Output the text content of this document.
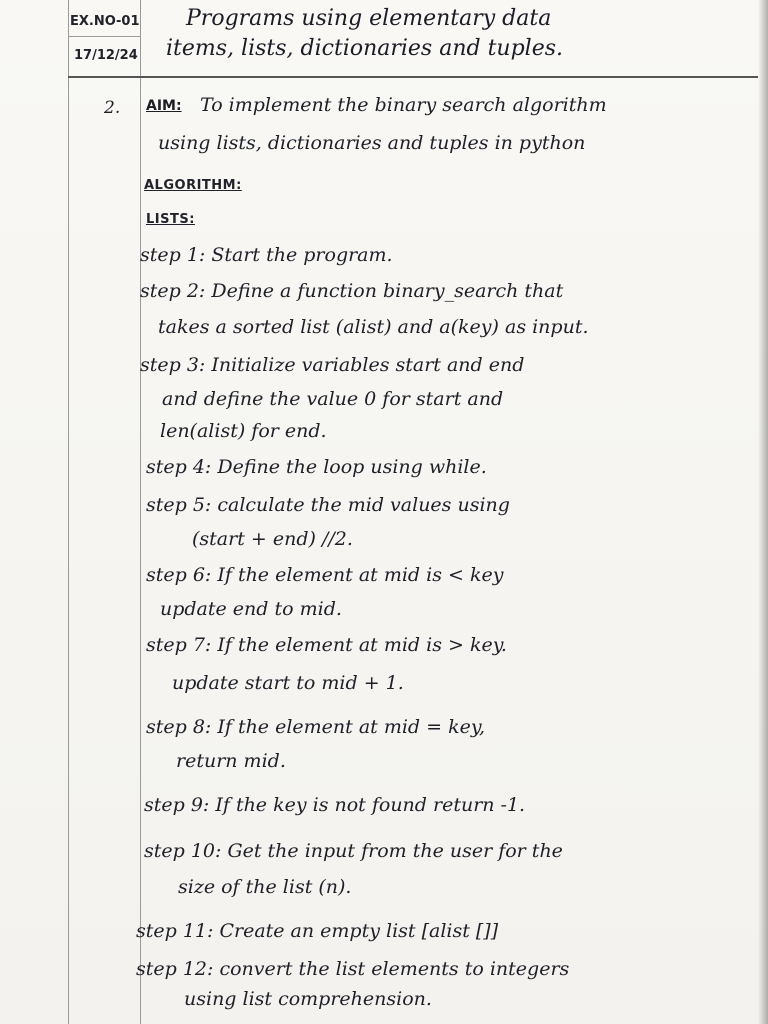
EX.NO-01
17/12/24
Programs using elementary data
items, lists, dictionaries and tuples.
2. AIM: To implement the binary search algorithm
using lists, dictionaries and tuples in python
ALGORITHM:
LISTS:
step 1: Start the program.
step 2: Define a function binary_search that
takes a sorted list (alist) and a(key) as input.
step 3: Initialize variables start and end
and define the value 0 for start and
len(alist) for end.
step 4: Define the loop using while.
step 5: calculate the mid values using
(start + end) //2.
step 6: If the element at mid is < key
update end to mid.
step 7: If the element at mid is > key.
update start to mid + 1.
step 8: If the element at mid = key,
return mid.
step 9: If the key is not found return -1.
step 10: Get the input from the user for the
size of the list (n).
step 11: Create an empty list [alist []]
step 12: convert the list elements to integers
using list comprehension.
